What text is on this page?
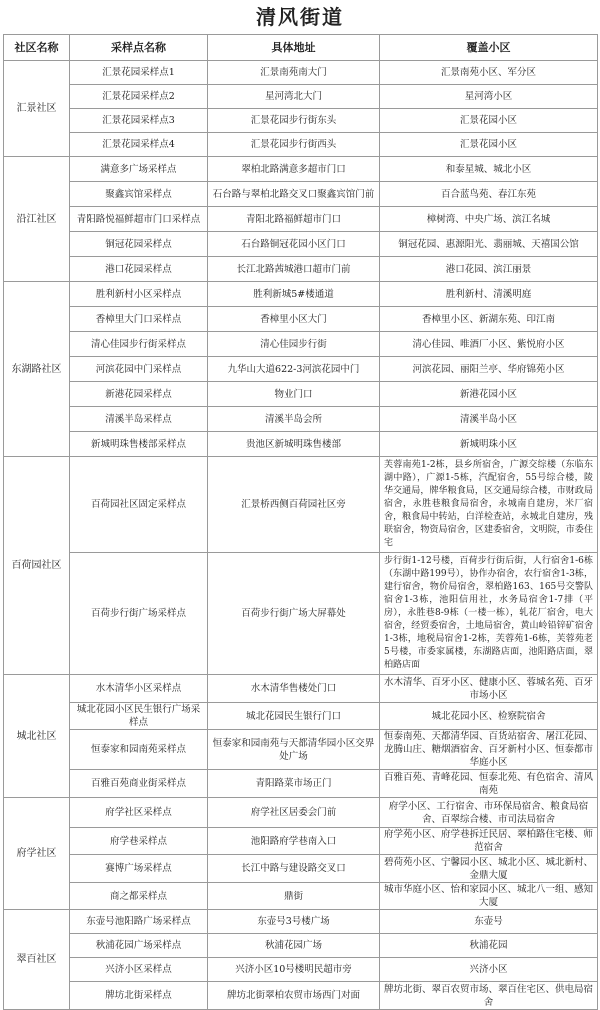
清风街道
社区名称	采样点名称	具体地址	覆盖小区
汇景社区	汇景花园采样点1	汇景南苑南大门	汇景南苑小区、军分区
	汇景花园采样点2	星河湾北大门	星河湾小区
	汇景花园采样点3	汇景花园步行街东头	汇景花园小区
	汇景花园采样点4	汇景花园步行街西头	汇景花园小区
沿江社区	满意多广场采样点	翠柏北路满意多超市门口	和泰星城、城北小区
	聚鑫宾馆采样点	石台路与翠柏北路交叉口聚鑫宾馆门前	百合蓝鸟苑、春江东苑
	青阳路悦福鲜超市门口采样点	青阳北路福鲜超市门口	樟树湾、中央广场、滨江名城
	铜冠花园采样点	石台路铜冠花园小区门口	铜冠花园、惠源阳光、翡丽城、天禧国公馆
	港口花园采样点	长江北路茜城港口超市门前	港口花园、滨江丽景
东湖路社区	胜利新村小区采样点	胜利新城5#楼通道	胜利新村、清溪明庭
	香樟里大门口采样点	香樟里小区大门	香樟里小区、新湖东苑、印江南
	清心佳园步行街采样点	清心佳园步行街	清心佳园、唯酒厂小区、紫悦府小区
	河滨花园中门采样点	九华山大道622-3河滨花园中门	河滨花园、丽阳兰亭、华府锦苑小区
	新港花园采样点	物业门口	新港花园小区
	清溪半岛采样点	清溪半岛会所	清溪半岛小区
	新城明珠售楼部采样点	贵池区新城明珠售楼部	新城明珠小区
百荷园社区	百荷园社区固定采样点	汇景桥西侧百荷园社区旁	芙蓉南苑1-2栋，县乡所宿舍，广源交综楼（东临东湖中路），广源1-5栋，汽配宿舍，55号综合楼，陵华交通局，牌华粮食局，区交通局综合楼，市财政局宿舍，永胜巷粮食局宿舍，永城南自建房，米厂宿舍，粮食局中转站，白洋检查站，永城北自建房，残联宿舍，物资局宿舍，区建委宿舍，文明院，市委住宅
	百荷步行街广场采样点	百荷步行街广场大屏幕处	步行街1-12号楼，百荷步行街后街，人行宿舍1-6栋（东湖中路199号），协作办宿舍，农行宿舍1-3栋，建行宿舍，物价局宿舍，翠柏路163、165号交警队宿舍1-3栋，池阳信用社，水务局宿舍1-7排（平房），永胜巷8-9栋（一楼一栋），轧花厂宿舍，电大宿舍，经贸委宿舍，土地局宿舍，黄山岭铅锌矿宿舍1-3栋，地税局宿舍1-2栋，芙蓉苑1-6栋，芙蓉苑老5号楼，市委家属楼，东湖路店面，池阳路店面，翠柏路店面
城北社区	水木清华小区采样点	水木清华售楼处门口	水木清华、百牙小区、健康小区、蓉城名苑、百牙市场小区
	城北花园小区民生银行广场采样点	城北花园民生银行门口	城北花园小区、检察院宿舍
	恒泰家和园南苑采样点	恒泰家和园南苑与天都清华园小区交界处广场	恒泰南苑、天都清华园、百货站宿舍、屠江花园、龙腾山庄、糖烟酒宿舍、百牙新村小区、恒泰都市华庭小区
	百雅百苑商业街采样点	青阳路菜市场正门	百雅百苑、青峰花园、恒泰北苑、有色宿舍、清风南苑
府学社区	府学社区采样点	府学社区居委会门前	府学小区、工行宿舍、市环保局宿舍、粮食局宿舍、百翠综合楼、市司法局宿舍
	府学巷采样点	池阳路府学巷南入口	府学苑小区、府学巷拆迁民居、翠柏路住宅楼、师范宿舍
	赛博广场采样点	长江中路与建设路交叉口	碧荷苑小区、宁馨园小区、城北小区、城北新村、金鼎大厦
	商之都采样点	鼎街	城市华庭小区、怡和家园小区、城北八一组、感知大厦
翠百社区	东壶号池阳路广场采样点	东壶号3号楼广场	东壶号
	秋浦花园广场采样点	秋浦花园广场	秋浦花园
	兴济小区采样点	兴济小区10号楼明民超市旁	兴济小区
	牌坊北街采样点	牌坊北街翠柏农贸市场西门对面	牌坊北街、翠百农贸市场、翠百住宅区、供电局宿舍
